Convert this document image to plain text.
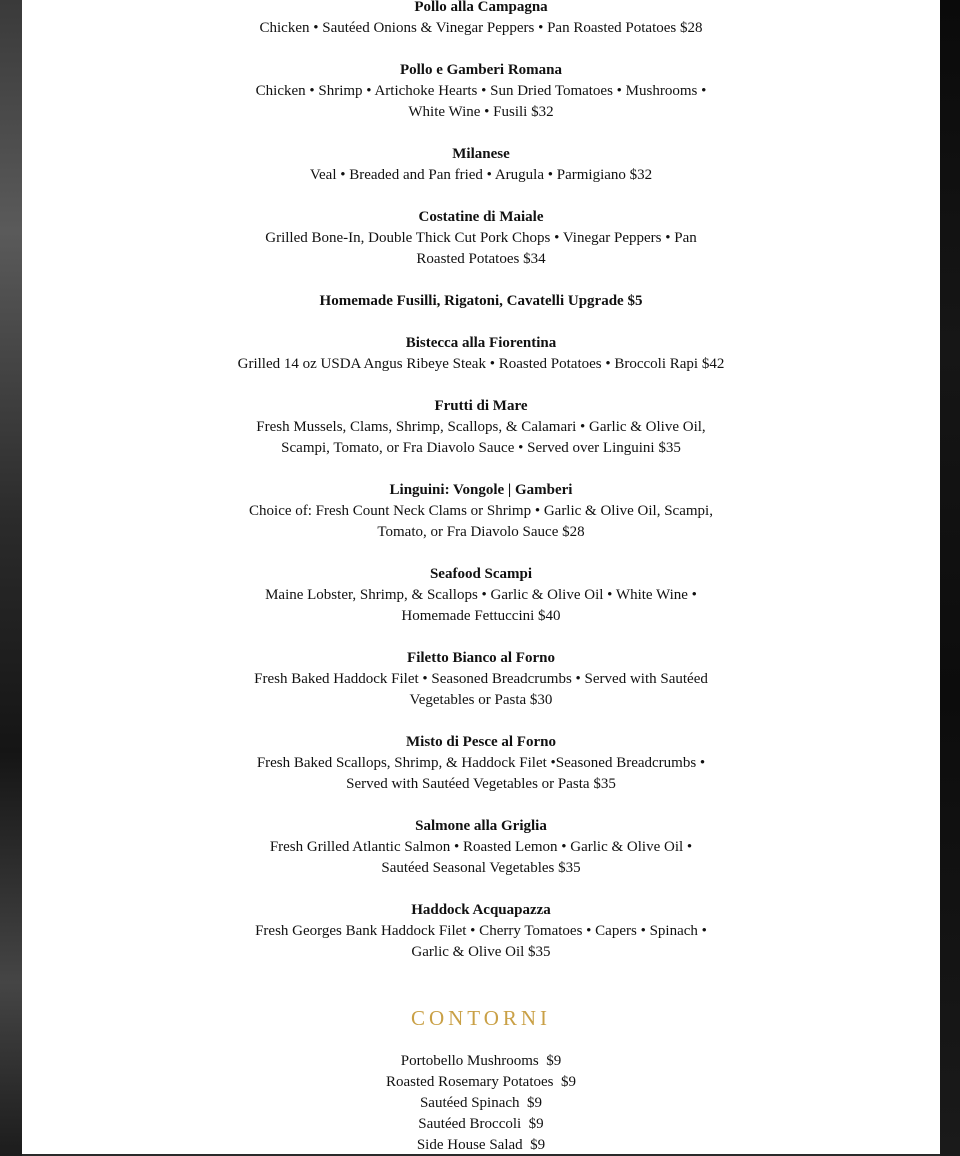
Pollo alla Campagna
Chicken • Sautéed Onions & Vinegar Peppers • Pan Roasted Potatoes $28
Pollo e Gamberi Romana
Chicken • Shrimp • Artichoke Hearts • Sun Dried Tomatoes • Mushrooms • White Wine • Fusili $32
Milanese
Veal • Breaded and Pan fried • Arugula • Parmigiano $32
Costatine di Maiale
Grilled Bone-In, Double Thick Cut Pork Chops • Vinegar Peppers • Pan Roasted Potatoes $34
Homemade Fusilli, Rigatoni, Cavatelli Upgrade $5
Bistecca alla Fiorentina
Grilled 14 oz USDA Angus Ribeye Steak • Roasted Potatoes • Broccoli Rapi $42
Frutti di Mare
Fresh Mussels, Clams, Shrimp, Scallops, & Calamari • Garlic & Olive Oil, Scampi, Tomato, or Fra Diavolo Sauce • Served over Linguini $35
Linguini: Vongole | Gamberi
Choice of: Fresh Count Neck Clams or Shrimp • Garlic & Olive Oil, Scampi, Tomato, or Fra Diavolo Sauce $28
Seafood Scampi
Maine Lobster, Shrimp, & Scallops • Garlic & Olive Oil • White Wine • Homemade Fettuccini $40
Filetto Bianco al Forno
Fresh Baked Haddock Filet • Seasoned Breadcrumbs • Served with Sautéed Vegetables or Pasta $30
Misto di Pesce al Forno
Fresh Baked Scallops, Shrimp, & Haddock Filet •Seasoned Breadcrumbs • Served with Sautéed Vegetables or Pasta $35
Salmone alla Griglia
Fresh Grilled Atlantic Salmon • Roasted Lemon • Garlic & Olive Oil • Sautéed Seasonal Vegetables $35
Haddock Acquapazza
Fresh Georges Bank Haddock Filet • Cherry Tomatoes • Capers • Spinach • Garlic & Olive Oil $35
CONTORNI
Portobello Mushrooms  $9
Roasted Rosemary Potatoes  $9
Sautéed Spinach  $9
Sautéed Broccoli  $9
Side House Salad  $9
